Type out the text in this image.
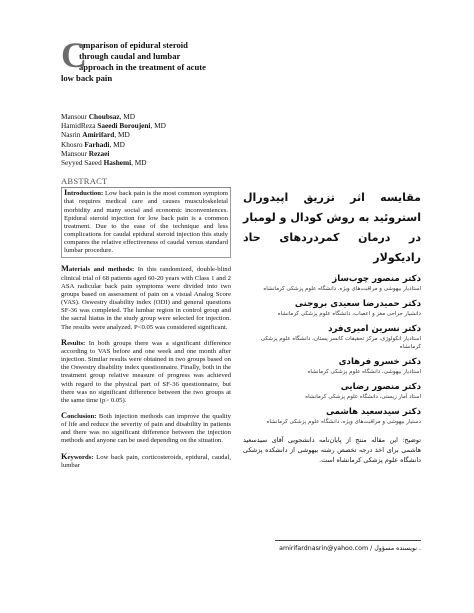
C
omparison of epidural steroid
through caudal and lumbar
approach in the treatment of acute
low back pain
Mansour Choubsaz, MD
HamidReza Saeedi Boroujeni, MD
Nasrin Amirifard, MD
Khosro Farhadi, MD
Mansour Rezaei
Seyyed Saeed Hashemi, MD
ABSTRACT

Introduction: Low back pain is the most common symptom that requires medical care and causes musculoskeletal morbidity and many social and economic inconveniences. Epidural steroid injection for low back pain is a common treatment. Due to the ease of the technique and less complications for caudal epidural steroid injection this study compares the relative effectiveness of caudal versus standard lumbar procedure.

Materials and methods: In this randomized, double-blind clinical trial of 68 patients aged 60-20 years with Class 1 and 2 ASA radicular back pain symptoms were divided into two groups based on assessment of pain on a visual Analog Score (VAS). Oswestry disability index (ODI) and general questions SF-36 was completed. The lumbar region in control group and the sacral hiatus in the study group were selected for injection. The results were analyzed. P<0.05 was considered significant.

Results: In both groups there was a significant difference according to VAS before and one week and one month after injection. Similar results were obtained in two groups based on the Oswestry disability index questionnaire. Finally, both in the treatment group relative measure of progress was achieved with regard to the physical part of SF-36 questionnaire, but there was no significant difference between the two groups at the same time (p> 0.05).

Conclusion: Both injection methods can improve the quality of life and reduce the severity of pain and disability in patients and there was no significant difference between the injection methods and anyone can be used depending on the situation.

Keywords: Low back pain, corticosteroids, epidural, caudal, lumbar

مقایسه اثر تزریق اپیدورال استروئید به روش کودال و لومبار در درمان کمردردهای حاد رادیکولار
دکتر منصور چوب‌ساز
استادیار بیهوشی و مراقبت‌های ویژه، دانشگاه علوم پزشکی کرمانشاه
دکتر حمیدرضا سعیدی بروجنی
دانشیار جراحی مغز و اعصاب، دانشگاه علوم پزشکی کرمانشاه
دکتر نسرین امیری‌فرد
استادیار انکولوژی، مرکز تحقیقات کانسر پستان، دانشگاه علوم پزشکی کرمانشاه
دکتر خسرو فرهادی
استادیار بیهوشی، دانشگاه علوم پزشکی کرمانشاه
دکتر منصور رضایی
استاد آمار زیستی، دانشگاه علوم پزشکی کرمانشاه
دکتر سیدسعید هاشمی
دستیار بیهوشی و مراقبت‌های ویژه، دانشگاه علوم پزشکی کرمانشاه

توضیح: این مقاله منتج از پایان‌نامه دانشجویی آقای سیدسعید هاشمی برای اخذ درجه تخصص رشته بیهوشی از دانشکده پزشکی دانشگاه علوم پزشکی کرمانشاه است.

amirifardnasrin@yahoo.com / نویسنده مسؤول .
